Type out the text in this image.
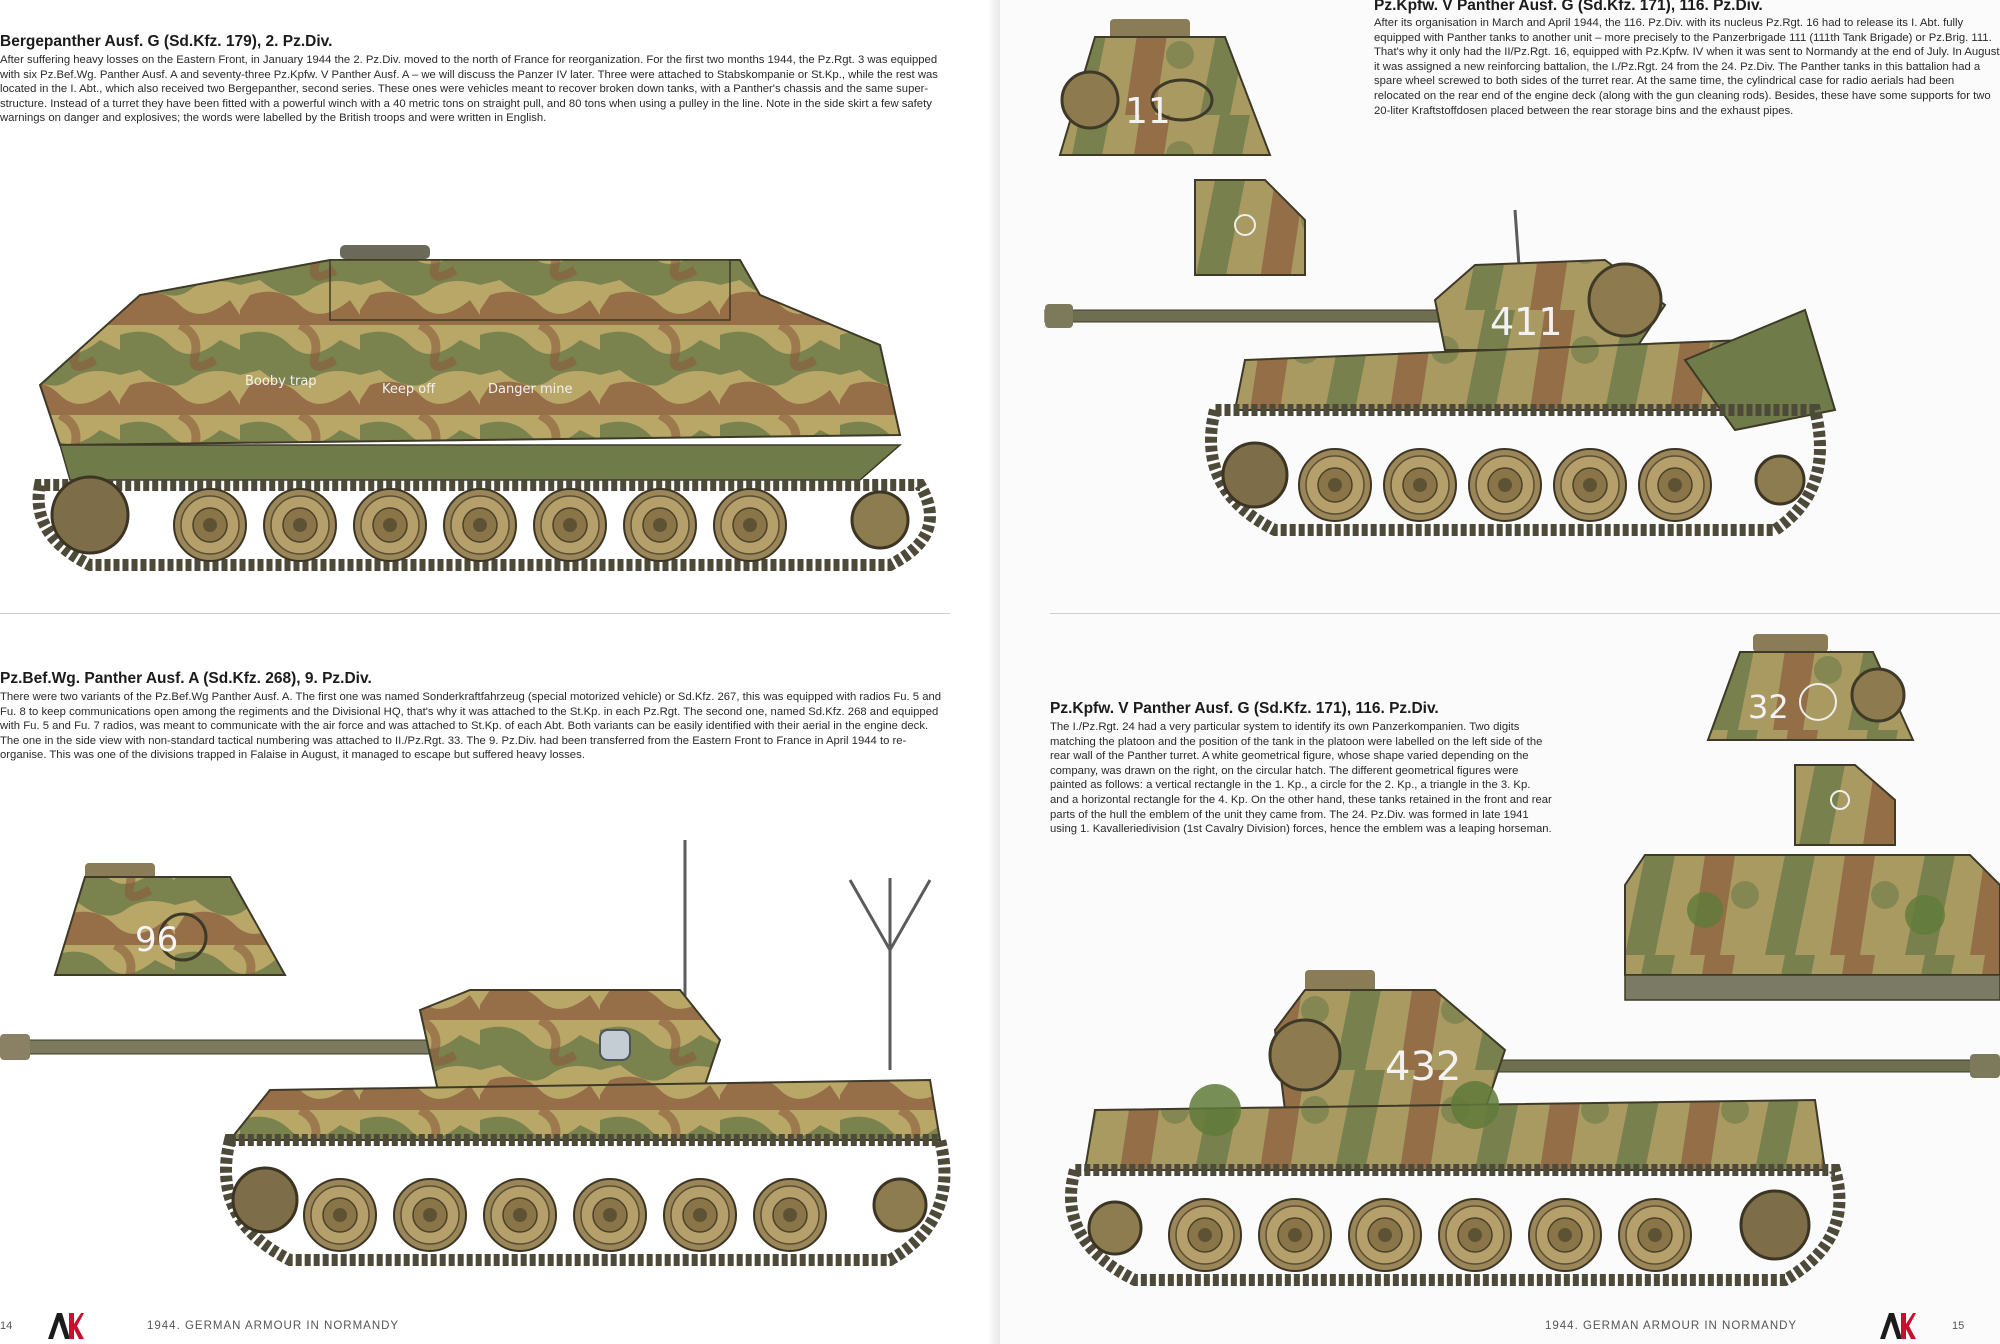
Bergepanther Ausf. G (Sd.Kfz. 179), 2. Pz.Div.

After suffering heavy losses on the Eastern Front, in January 1944 the 2. Pz.Div. moved to the north of France for reorganization. For the first two months 1944, the Pz.Rgt. 3 was equipped with six Pz.Bef.Wg. Panther Ausf. A and seventy-three Pz.Kpfw. V Panther Ausf. A – we will discuss the Panzer IV later. Three were attached to Stabskompanie or St.Kp., while the rest was located in the I. Abt., which also received two Bergepanther, second series. These ones were vehicles meant to recover broken down tanks, with a Panther's chassis and the same super-structure. Instead of a turret they have been fitted with a powerful winch with a 40 metric tons on straight pull, and 80 tons when using a pulley in the line. Note in the side skirt a few safety warnings on danger and explosives; the words were labelled by the British troops and were written in English.

Booby trap
Keep off	Danger mine
Pz.Bef.Wg. Panther Ausf. A (Sd.Kfz. 268), 9. Pz.Div.

There were two variants of the Pz.Bef.Wg Panther Ausf. A. The first one was named Sonderkraftfahrzeug (special motorized vehicle) or Sd.Kfz. 267, this was equipped with radios Fu. 5 and Fu. 8 to keep communications open among the regiments and the Divisional HQ, that's why it was attached to the St.Kp. in each Pz.Rgt. The second one, named Sd.Kfz. 268 and equipped with Fu. 5 and Fu. 7 radios, was meant to communicate with the air force and was attached to St.Kp. of each Abt. Both variants can be easily identified with their aerial in the engine deck. The one in the side view with non-standard tactical numbering was attached to II./Pz.Rgt. 33. The 9. Pz.Div. had been transferred from the Eastern Front to France in April 1944 to re-organise. This was one of the divisions trapped in Falaise in August, it managed to escape but suffered heavy losses.

96
14	1944. GERMAN ARMOUR IN NORMANDY
11
Pz.Kpfw. V Panther Ausf. G (Sd.Kfz. 171), 116. Pz.Div.

After its organisation in March and April 1944, the 116. Pz.Div. with its nucleus Pz.Rgt. 16 had to release its I. Abt. fully equipped with Panther tanks to another unit – more precisely to the Panzerbrigade 111 (111th Tank Brigade) or Pz.Brig. 111. That's why it only had the II/Pz.Rgt. 16, equipped with Pz.Kpfw. IV when it was sent to Normandy at the end of July. In August it was assigned a new reinforcing battalion, the I./Pz.Rgt. 24 from the 24. Pz.Div. The Panther tanks in this battalion had a spare wheel screwed to both sides of the turret rear. At the same time, the cylindrical case for radio aerials had been relocated on the rear end of the engine deck (along with the gun cleaning rods). Besides, these have some supports for two 20-liter Kraftstoffdosen placed between the rear storage bins and the exhaust pipes.

411
32
Pz.Kpfw. V Panther Ausf. G (Sd.Kfz. 171), 116. Pz.Div.

The I./Pz.Rgt. 24 had a very particular system to identify its own Panzerkompanien. Two digits matching the platoon and the position of the tank in the platoon were labelled on the left side of the rear wall of the Panther turret. A white geometrical figure, whose shape varied depending on the company, was drawn on the right, on the circular hatch. The different geometrical figures were painted as follows: a vertical rectangle in the 1. Kp., a circle for the 2. Kp., a triangle in the 3. Kp. and a horizontal rectangle for the 4. Kp. On the other hand, these tanks retained in the front and rear parts of the hull the emblem of the unit they came from. The 24. Pz.Div. was formed in late 1941 using 1. Kavalleriedivision (1st Cavalry Division) forces, hence the emblem was a leaping horseman.

432
1944. GERMAN ARMOUR IN NORMANDY	15
